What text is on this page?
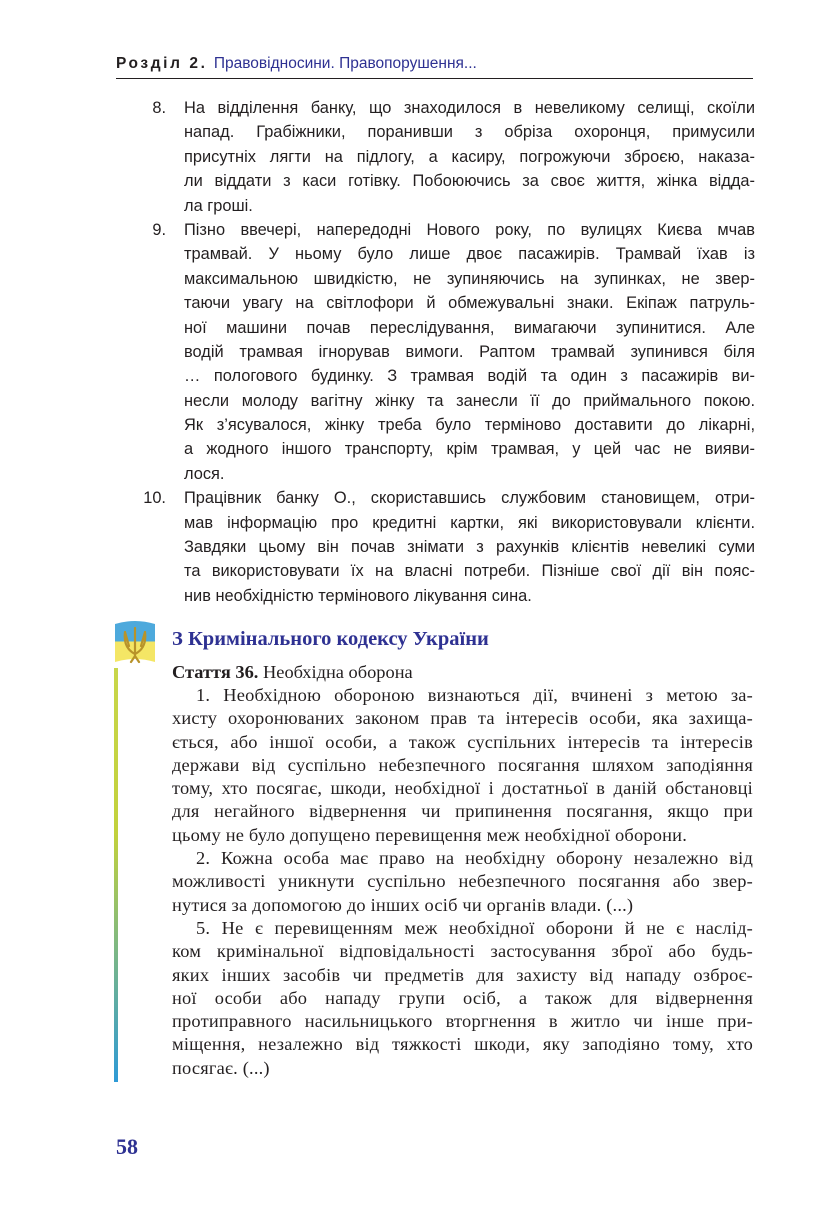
Розділ 2. Правовідносини. Правопорушення...
8.	На відділення банку, що знаходилося в невеликому селищі, скоїли
напад. Грабіжники, поранивши з обріза охоронця, примусили
присутніх лягти на підлогу, а касиру, погрожуючи зброєю, наказа-
ли віддати з каси готівку. Побоюючись за своє життя, жінка відда-
ла гроші.
9.	Пізно ввечері, напередодні Нового року, по вулицях Києва мчав
трамвай. У ньому було лише двоє пасажирів. Трамвай їхав із
максимальною швидкістю, не зупиняючись на зупинках, не звер-
таючи увагу на світлофори й обмежувальні знаки. Екіпаж патруль-
ної машини почав переслідування, вимагаючи зупинитися. Але
водій трамвая ігнорував вимоги. Раптом трамвай зупинився біля
… пологового будинку. З трамвая водій та один з пасажирів ви-
несли молоду вагітну жінку та занесли її до приймального покою.
Як з’ясувалося, жінку треба було терміново доставити до лікарні,
а жодного іншого транспорту, крім трамвая, у цей час не вияви-
лося.
10.	Працівник банку О., скориставшись службовим становищем, отри-
мав інформацію про кредитні картки, які використовували клієнти.
Завдяки цьому він почав знімати з рахунків клієнтів невеликі суми
та використовувати їх на власні потреби. Пізніше свої дії він пояс-
нив необхідністю термінового лікування сина.
З Кримінального кодексу України
Стаття 36. Необхідна оборона
1. Необхідною обороною визнаються дії, вчинені з метою за-
хисту охоронюваних законом прав та інтересів особи, яка захища-
ється, або іншої особи, а також суспільних інтересів та інтересів
держави від суспільно небезпечного посягання шляхом заподіяння
тому, хто посягає, шкоди, необхідної і достатньої в даній обстановці
для негайного відвернення чи припинення посягання, якщо при
цьому не було допущено перевищення меж необхідної оборони.
2. Кожна особа має право на необхідну оборону незалежно від
можливості уникнути суспільно небезпечного посягання або звер-
нутися за допомогою до інших осіб чи органів влади. (...)
5. Не є перевищенням меж необхідної оборони й не є наслід-
ком кримінальної відповідальності застосування зброї або будь-
яких інших засобів чи предметів для захисту від нападу озброє-
ної особи або нападу групи осіб, а також для відвернення
протиправного насильницького вторгнення в житло чи інше при-
міщення, незалежно від тяжкості шкоди, яку заподіяно тому, хто
посягає. (...)
58
